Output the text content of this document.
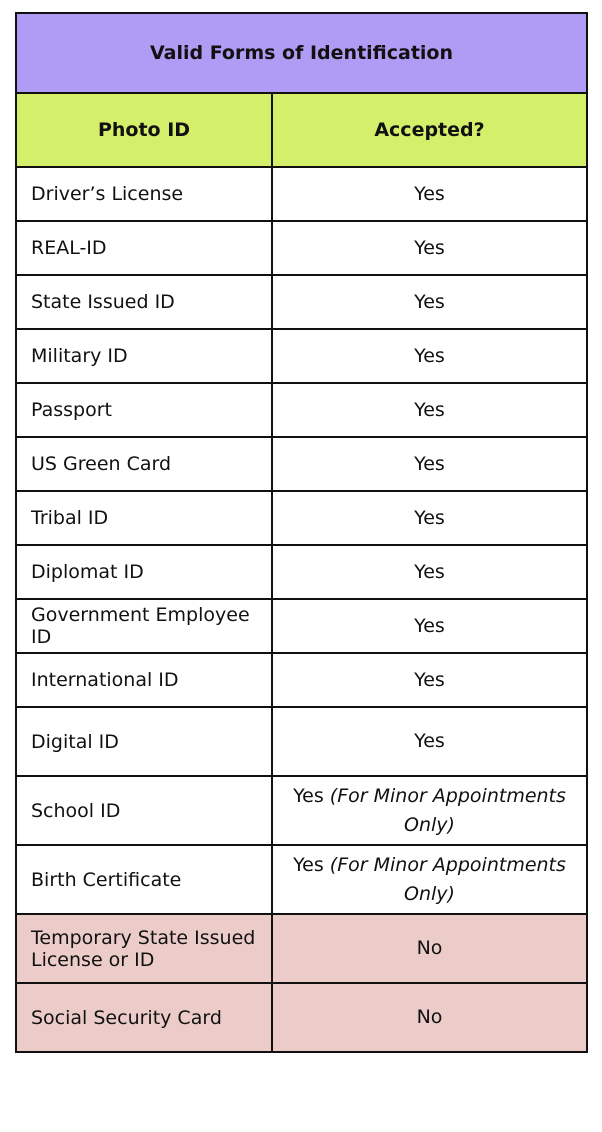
Valid Forms of Identification	
Photo ID	Accepted?
Driver’s License	Yes
REAL-ID	Yes
State Issued ID	Yes
Military ID	Yes
Passport	Yes
US Green Card	Yes
Tribal ID	Yes
Diplomat ID	Yes
Government Employee ID	Yes
International ID	Yes
Digital ID	Yes
School ID	Yes (For Minor Appointments Only)
Birth Certificate	Yes (For Minor Appointments Only)
Temporary State Issued License or ID	No
Social Security Card	No
